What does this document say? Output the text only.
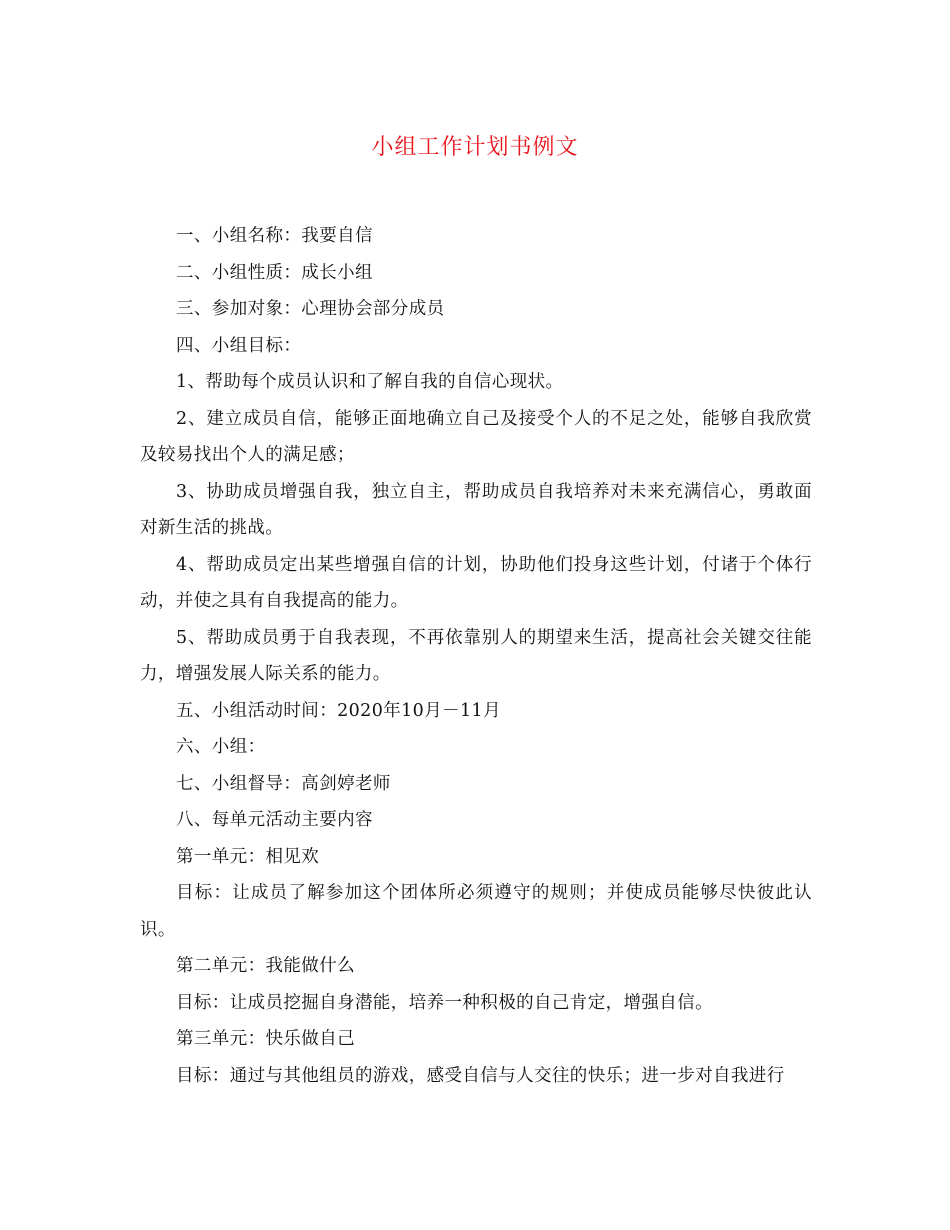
小组工作计划书例文

一、小组名称：我要自信

二、小组性质：成长小组

三、参加对象：心理协会部分成员

四、小组目标：

1、帮助每个成员认识和了解自我的自信心现状。

2、建立成员自信，能够正面地确立自己及接受个人的不足之处，能够自我欣赏及较易找出个人的满足感；

3、协助成员增强自我，独立自主，帮助成员自我培养对未来充满信心，勇敢面对新生活的挑战。

4、帮助成员定出某些增强自信的计划，协助他们投身这些计划，付诸于个体行动，并使之具有自我提高的能力。

5、帮助成员勇于自我表现，不再依靠别人的期望来生活，提高社会关键交往能力，增强发展人际关系的能力。

五、小组活动时间：2020年10月－11月

六、小组：

七、小组督导：高剑婷老师

八、每单元活动主要内容

第一单元：相见欢

目标：让成员了解参加这个团体所必须遵守的规则；并使成员能够尽快彼此认识。

第二单元：我能做什么

目标：让成员挖掘自身潜能，培养一种积极的自己肯定，增强自信。

第三单元：快乐做自己

目标：通过与其他组员的游戏，感受自信与人交往的快乐；进一步对自我进行
